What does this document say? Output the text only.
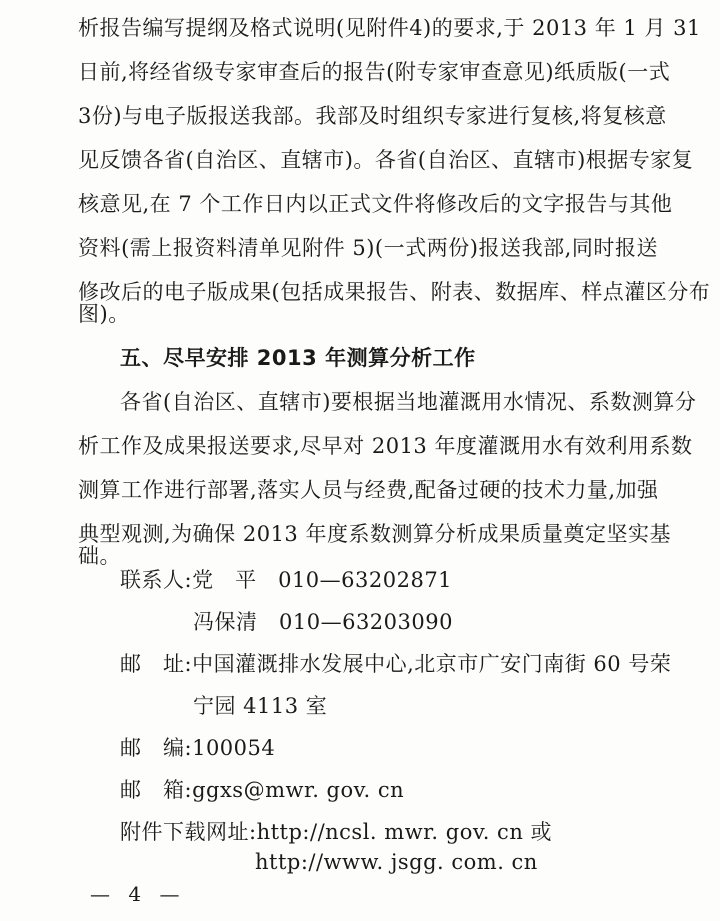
析报告编写提纲及格式说明(见附件4)的要求,于 2013 年 1 月 31
日前,将经省级专家审查后的报告(附专家审查意见)纸质版(一式
3份)与电子版报送我部。我部及时组织专家进行复核,将复核意
见反馈各省(自治区、直辖市)。各省(自治区、直辖市)根据专家复
核意见,在 7 个工作日内以正式文件将修改后的文字报告与其他
资料(需上报资料清单见附件 5)(一式两份)报送我部,同时报送
修改后的电子版成果(包括成果报告、附表、数据库、样点灌区分布
图)。
五、尽早安排 2013 年测算分析工作
各省(自治区、直辖市)要根据当地灌溉用水情况、系数测算分
析工作及成果报送要求,尽早对 2013 年度灌溉用水有效利用系数
测算工作进行部署,落实人员与经费,配备过硬的技术力量,加强
典型观测,为确保 2013 年度系数测算分析成果质量奠定坚实基
础。
联系人:党　平　010—63202871
冯保清　010—63203090
邮　址:中国灌溉排水发展中心,北京市广安门南街 60 号荣
宁园 4113 室
邮　编:100054
邮　箱:ggxs@mwr. gov. cn
附件下载网址:http://ncsl. mwr. gov. cn 或
http://www. jsgg. com. cn
— 4 —
